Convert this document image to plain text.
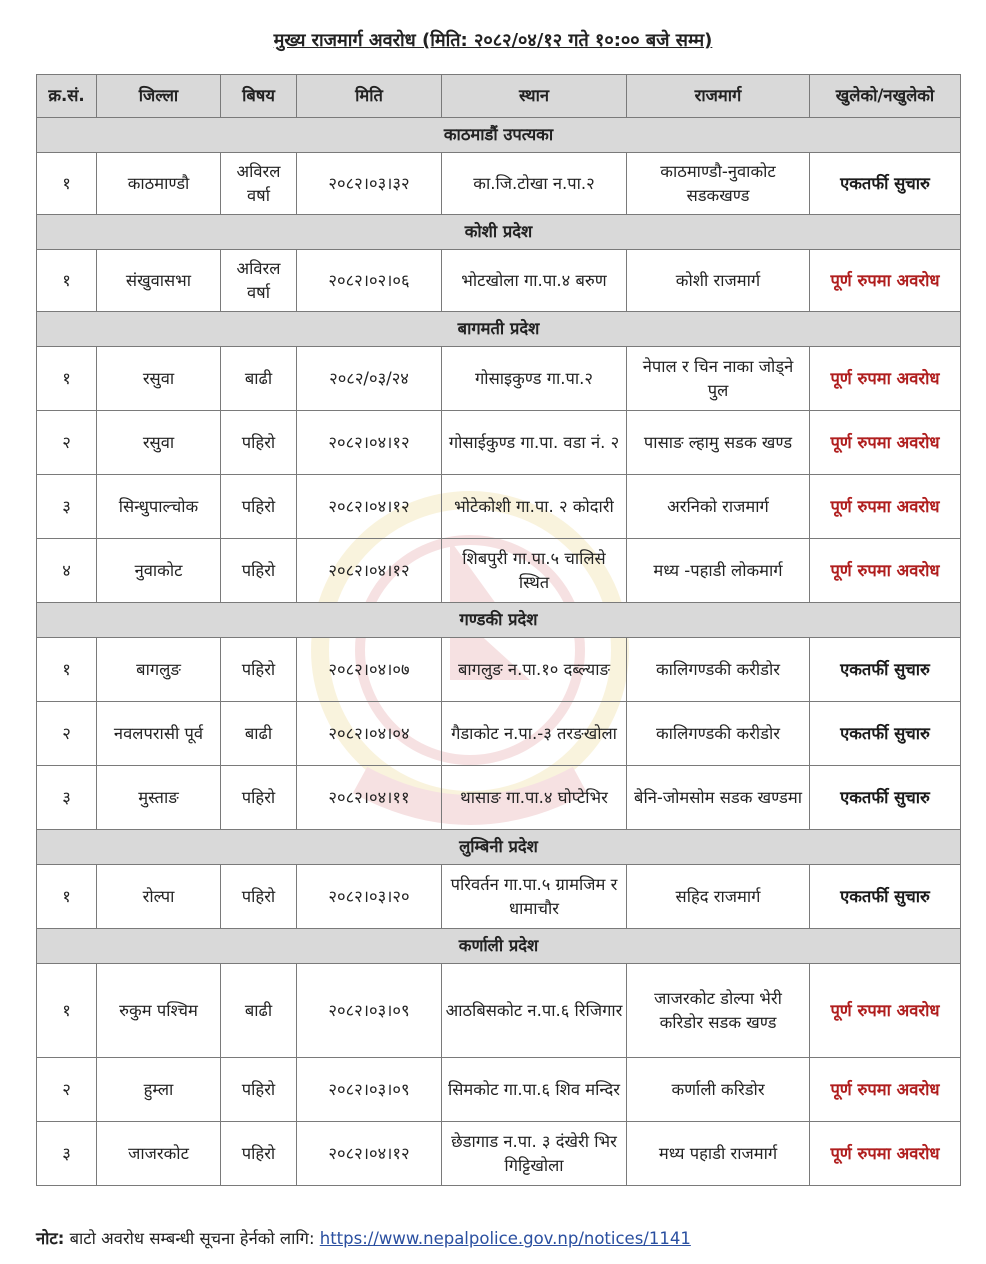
मुख्य राजमार्ग अवरोध (मिति: २०८२/०४/१२ गते १०:०० बजे सम्म)
क्र.सं.	जिल्ला	बिषय	मिति	स्थान	राजमार्ग	खुलेको/नखुलेको
काठमाडौं उपत्यका						
१	काठमाण्डौ	अविरल वर्षा	२०८२।०३।३२	का.जि.टोखा न.पा.२	काठमाण्डौ-नुवाकोट सडकखण्ड	एकतर्फी सुचारु
कोशी प्रदेश						
१	संखुवासभा	अविरल वर्षा	२०८२।०२।०६	भोटखोला गा.पा.४ बरुण	कोशी राजमार्ग	पूर्ण रुपमा अवरोध
बागमती प्रदेश						
१	रसुवा	बाढी	२०८२/०३/२४	गोसाइकुण्ड गा.पा.२	नेपाल र चिन नाका जोड्ने पुल	पूर्ण रुपमा अवरोध
२	रसुवा	पहिरो	२०८२।०४।१२	गोसाईकुण्ड गा.पा. वडा नं. २	पासाङ ल्हामु सडक खण्ड	पूर्ण रुपमा अवरोध
३	सिन्धुपाल्चोक	पहिरो	२०८२।०४।१२	भोटेकोशी गा.पा. २ कोदारी	अरनिको राजमार्ग	पूर्ण रुपमा अवरोध
४	नुवाकोट	पहिरो	२०८२।०४।१२	शिबपुरी गा.पा.५ चालिसे स्थित	मध्य -पहाडी लोकमार्ग	पूर्ण रुपमा अवरोध
गण्डकी प्रदेश						
१	बागलुङ	पहिरो	२०८२।०४।०७	बागलुङ न.पा.१० दब्ल्याङ	कालिगण्डकी करीडोर	एकतर्फी सुचारु
२	नवलपरासी पूर्व	बाढी	२०८२।०४।०४	गैडाकोट न.पा.-३ तरङखोला	कालिगण्डकी करीडोर	एकतर्फी सुचारु
३	मुस्ताङ	पहिरो	२०८२।०४।११	थासाङ गा.पा.४ घोप्टेभिर	बेनि-जोमसोम सडक खण्डमा	एकतर्फी सुचारु
लुम्बिनी प्रदेश						
१	रोल्पा	पहिरो	२०८२।०३।२०	परिवर्तन गा.पा.५ ग्रामजिम र धामाचौर	सहिद राजमार्ग	एकतर्फी सुचारु
कर्णाली प्रदेश						
१	रुकुम पश्चिम	बाढी	२०८२।०३।०९	आठबिसकोट न.पा.६ रिजिगार	जाजरकोट डोल्पा भेरी करिडोर सडक खण्ड	पूर्ण रुपमा अवरोध
२	हुम्ला	पहिरो	२०८२।०३।०९	सिमकोट गा.पा.६ शिव मन्दिर	कर्णाली करिडोर	पूर्ण रुपमा अवरोध
३	जाजरकोट	पहिरो	२०८२।०४।१२	छेडागाड न.पा. ३ दंखेरी भिर गिट्टिखोला	मध्य पहाडी राजमार्ग	पूर्ण रुपमा अवरोध
नोट: बाटो अवरोध सम्बन्धी सूचना हेर्नको लागि: https://www.nepalpolice.gov.np/notices/1141
